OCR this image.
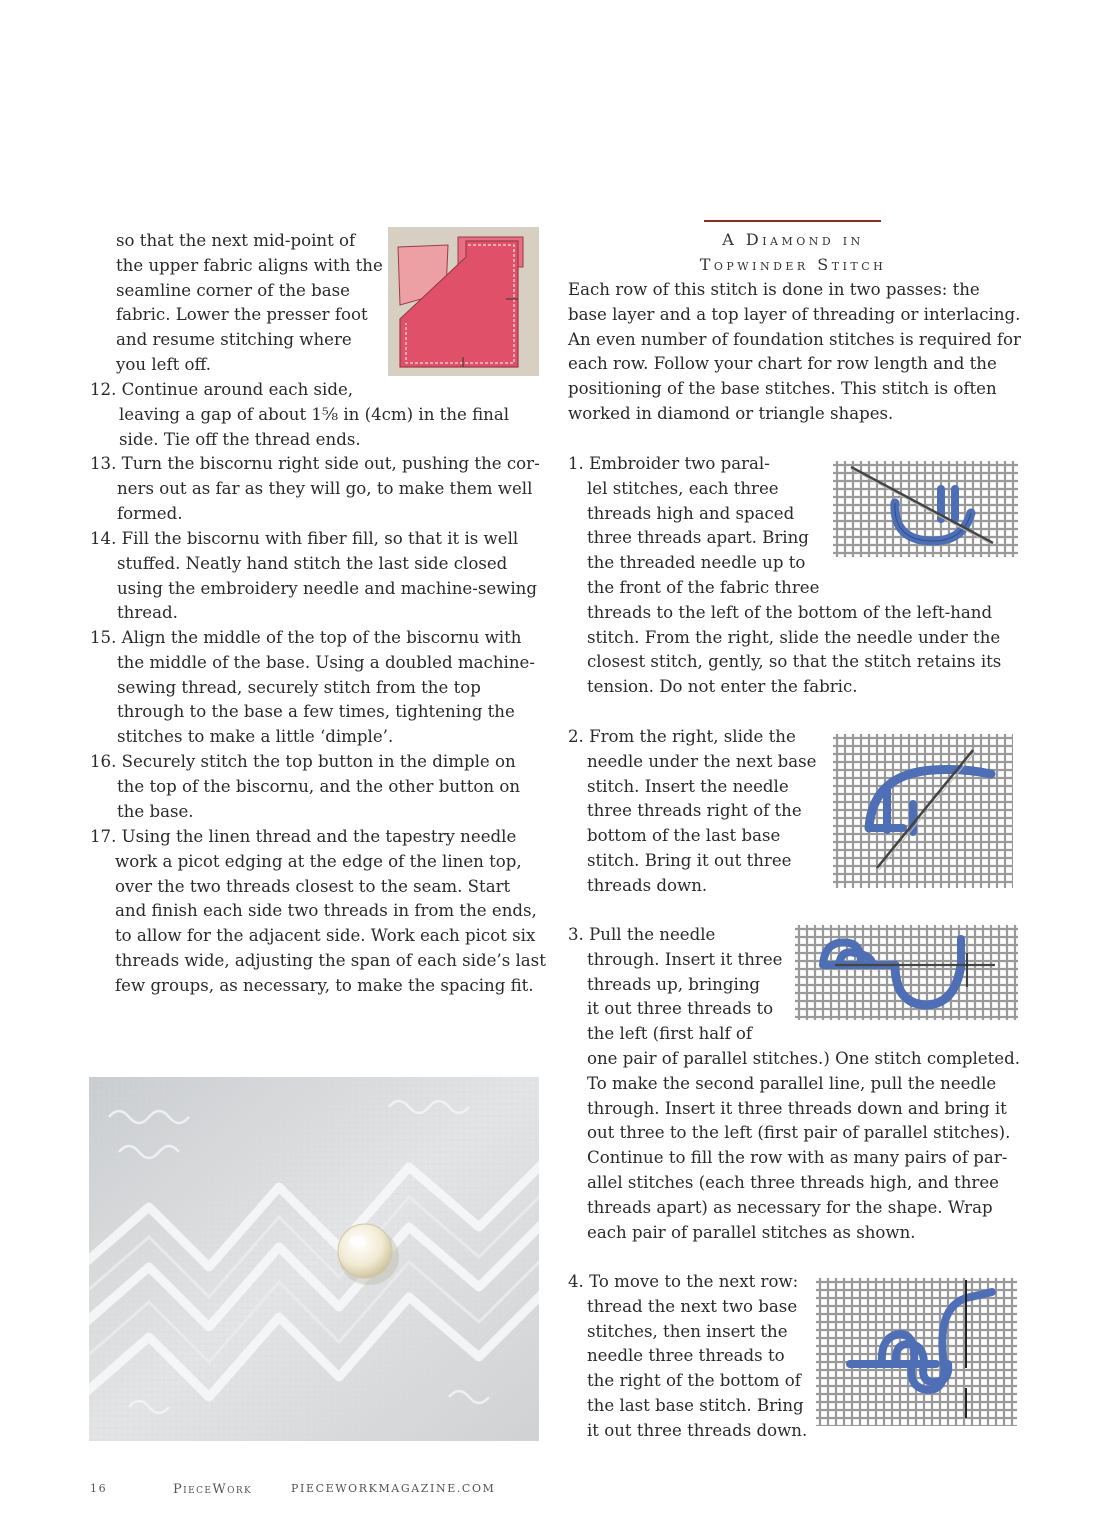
so that the next mid-point of
the upper fabric aligns with the
seamline corner of the base
fabric. Lower the presser foot
and resume stitching where
you left off.
12. Continue around each side,
leaving a gap of about 1⅝ in (4cm) in the final
side. Tie off the thread ends.
13. Turn the biscornu right side out, pushing the cor-
ners out as far as they will go, to make them well
formed.
14. Fill the biscornu with fiber fill, so that it is well
stuffed. Neatly hand stitch the last side closed
using the embroidery needle and machine-sewing
thread.
15. Align the middle of the top of the biscornu with
the middle of the base. Using a doubled machine-
sewing thread, securely stitch from the top
through to the base a few times, tightening the
stitches to make a little ‘dimple’.
16. Securely stitch the top button in the dimple on
the top of the biscornu, and the other button on
the base.
17. Using the linen thread and the tapestry needle
work a picot edging at the edge of the linen top,
over the two threads closest to the seam. Start
and finish each side two threads in from the ends,
to allow for the adjacent side. Work each picot six
threads wide, adjusting the span of each side’s last
few groups, as necessary, to make the spacing fit.
A Diamond in
Topwinder Stitch
Each row of this stitch is done in two passes: the
base layer and a top layer of threading or interlacing.
An even number of foundation stitches is required for
each row. Follow your chart for row length and the
positioning of the base stitches. This stitch is often
worked in diamond or triangle shapes.
1. Embroider two paral-
lel stitches, each three
threads high and spaced
three threads apart. Bring
the threaded needle up to
the front of the fabric three
threads to the left of the bottom of the left-hand
stitch. From the right, slide the needle under the
closest stitch, gently, so that the stitch retains its
tension. Do not enter the fabric.
2. From the right, slide the
needle under the next base
stitch. Insert the needle
three threads right of the
bottom of the last base
stitch. Bring it out three
threads down.
3. Pull the needle
through. Insert it three
threads up, bringing
it out three threads to
the left (first half of
one pair of parallel stitches.) One stitch completed.
To make the second parallel line, pull the needle
through. Insert it three threads down and bring it
out three to the left (first pair of parallel stitches).
Continue to fill the row with as many pairs of par-
allel stitches (each three threads high, and three
threads apart) as necessary for the shape. Wrap
each pair of parallel stitches as shown.
4. To move to the next row:
thread the next two base
stitches, then insert the
needle three threads to
the right of the bottom of
the last base stitch. Bring
it out three threads down.
16	PieceWork	PIECEWORKMAGAZINE.COM
